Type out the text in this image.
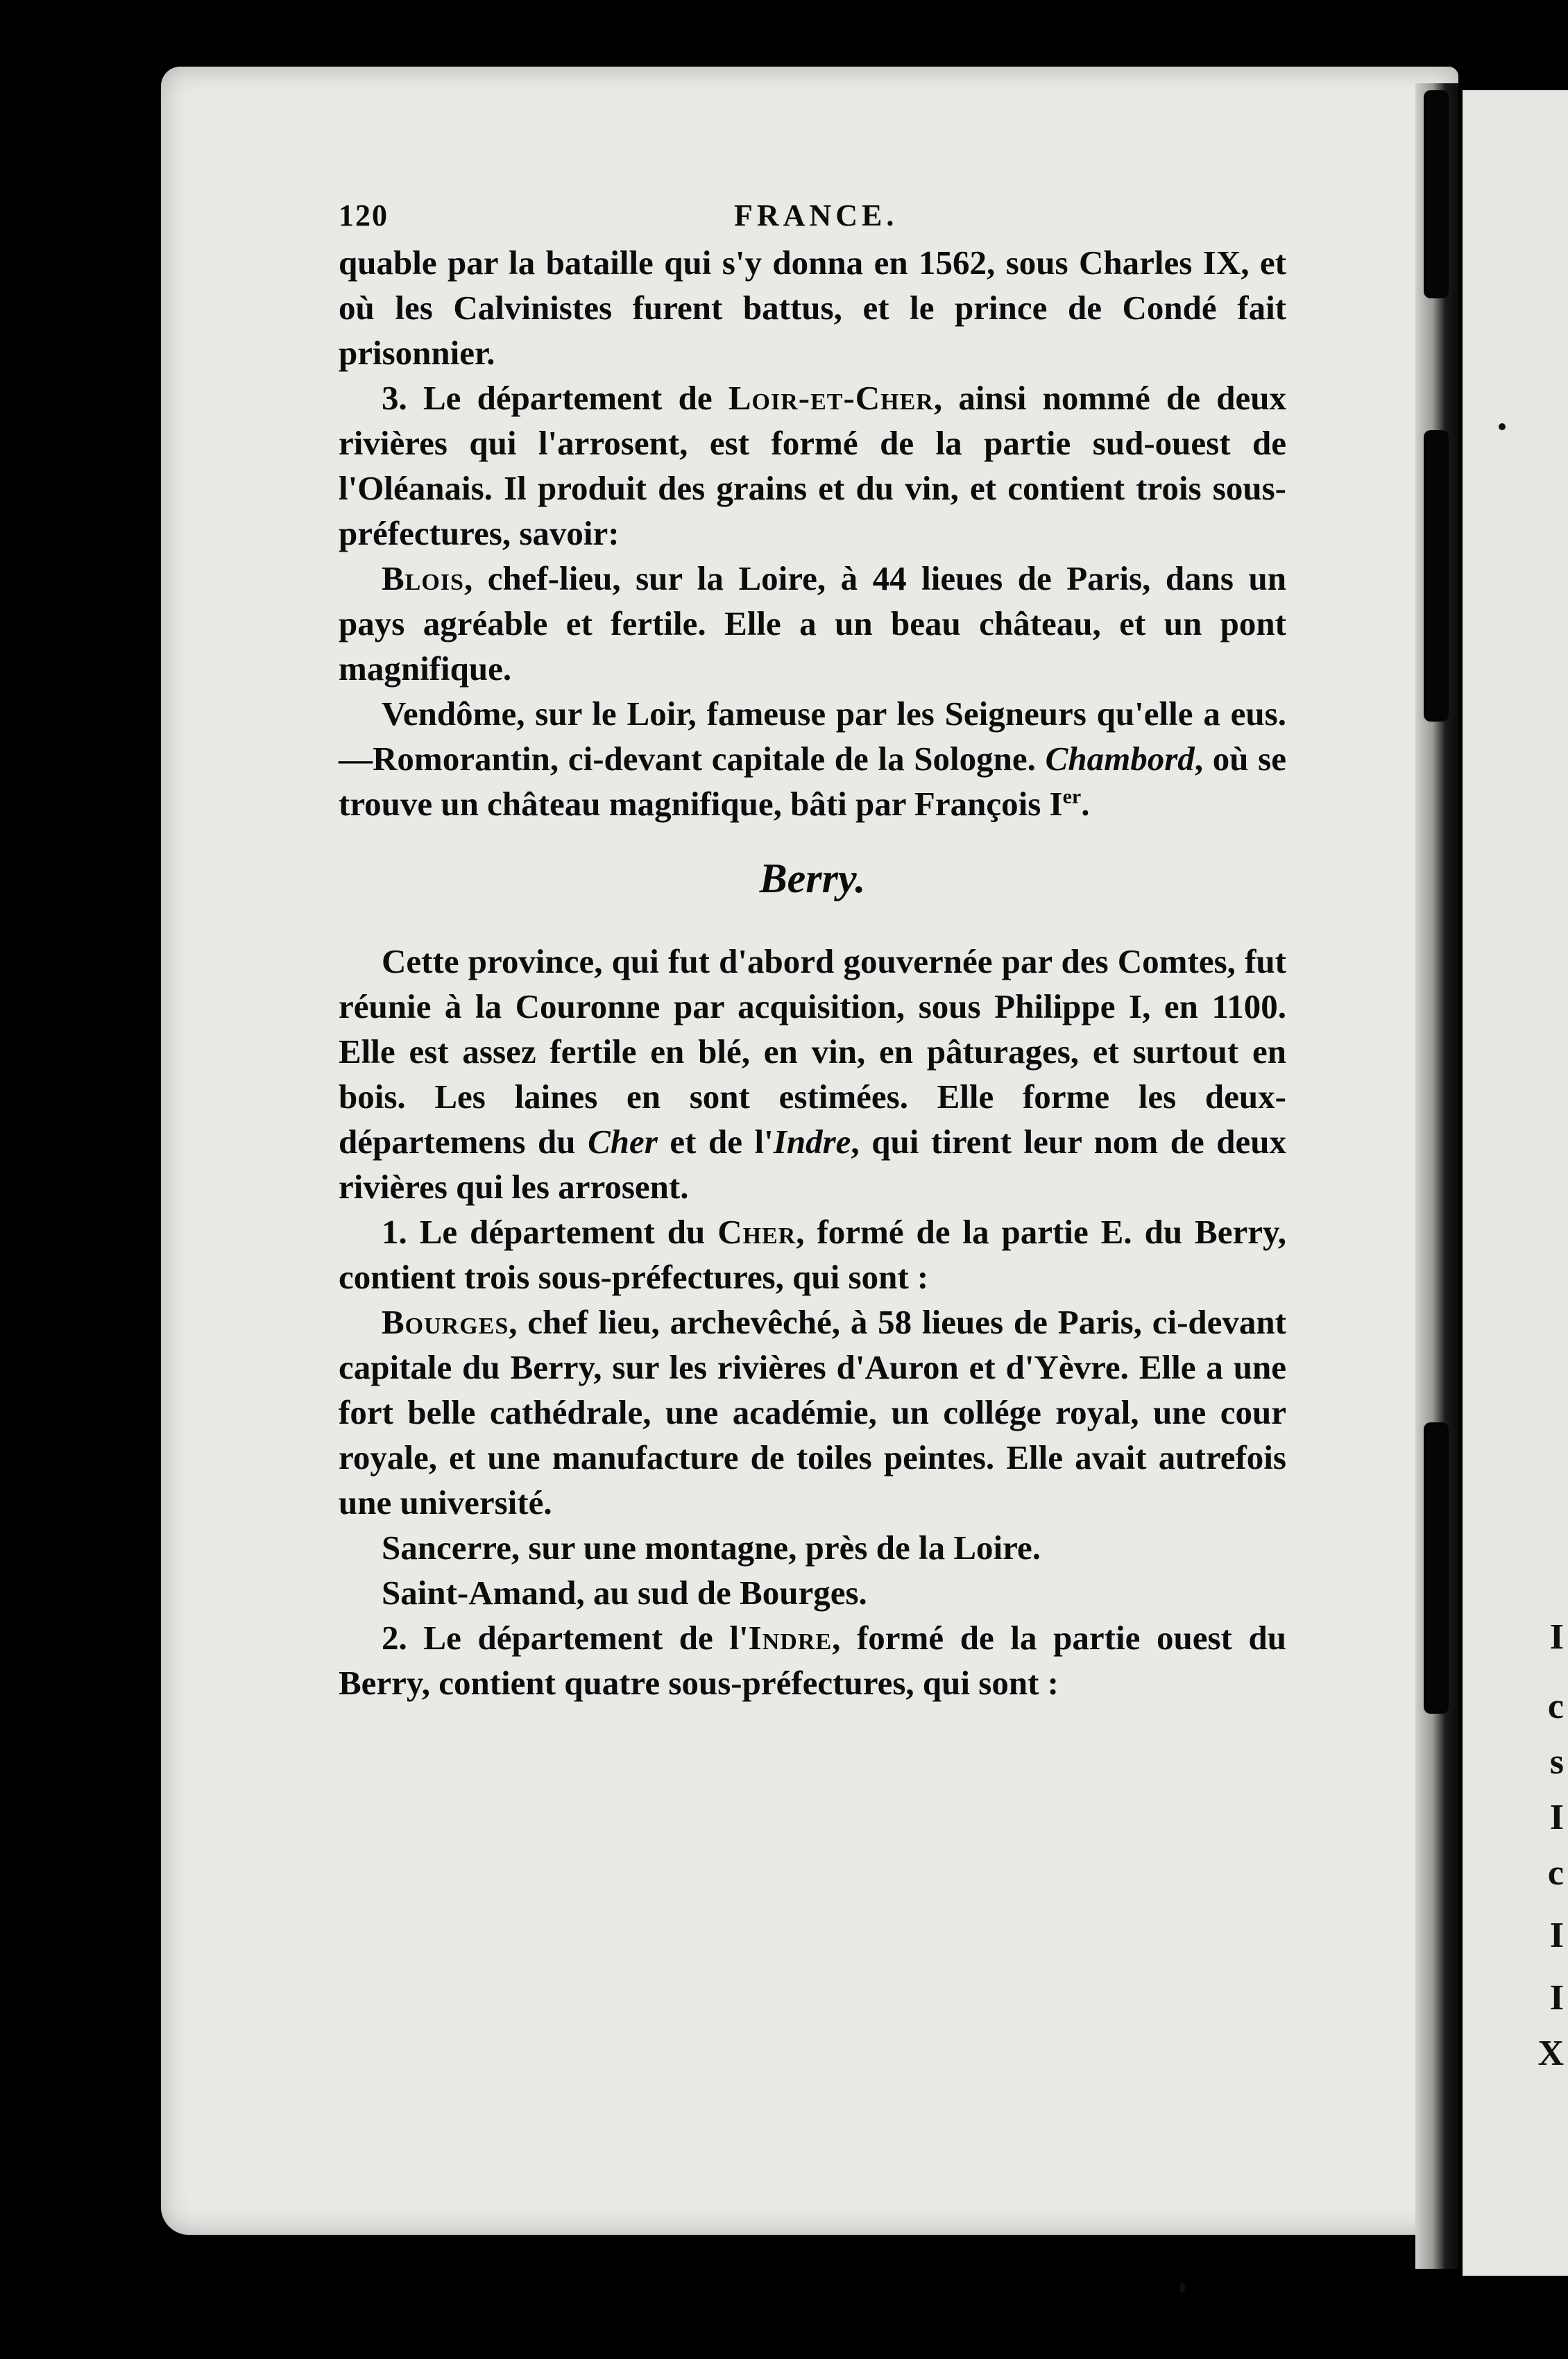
I
c
s
I
c
I
I
X
120	FRANCE.

quable par la bataille qui s'y donna en 1562, sous Charles IX, et où les Calvinistes furent battus, et le prince de Condé fait prisonnier.

3. Le département de Loir-et-Cher, ainsi nommé de deux rivières qui l'arrosent, est formé de la partie sud-ouest de l'Oléanais. Il produit des grains et du vin, et contient trois sous-préfectures, savoir:

Blois, chef-lieu, sur la Loire, à 44 lieues de Paris, dans un pays agréable et fertile. Elle a un beau château, et un pont magnifique.

Vendôme, sur le Loir, fameuse par les Seigneurs qu'elle a eus.—Romorantin, ci-devant capitale de la Sologne. Chambord, où se trouve un château magnifique, bâti par François Ier.

Berry.

Cette province, qui fut d'abord gouvernée par des Comtes, fut réunie à la Couronne par acquisition, sous Philippe I, en 1100. Elle est assez fertile en blé, en vin, en pâturages, et surtout en bois. Les laines en sont estimées. Elle forme les deux-départemens du Cher et de l'Indre, qui tirent leur nom de deux rivières qui les arrosent.

1. Le département du Cher, formé de la partie E. du Berry, contient trois sous-préfectures, qui sont :

Bourges, chef lieu, archevêché, à 58 lieues de Paris, ci-devant capitale du Berry, sur les rivières d'Auron et d'Yèvre. Elle a une fort belle cathédrale, une académie, un collége royal, une cour royale, et une manufacture de toiles peintes. Elle avait autrefois une université.

Sancerre, sur une montagne, près de la Loire.

Saint-Amand, au sud de Bourges.

2. Le département de l'Indre, formé de la partie ouest du Berry, contient quatre sous-préfectures, qui sont :
